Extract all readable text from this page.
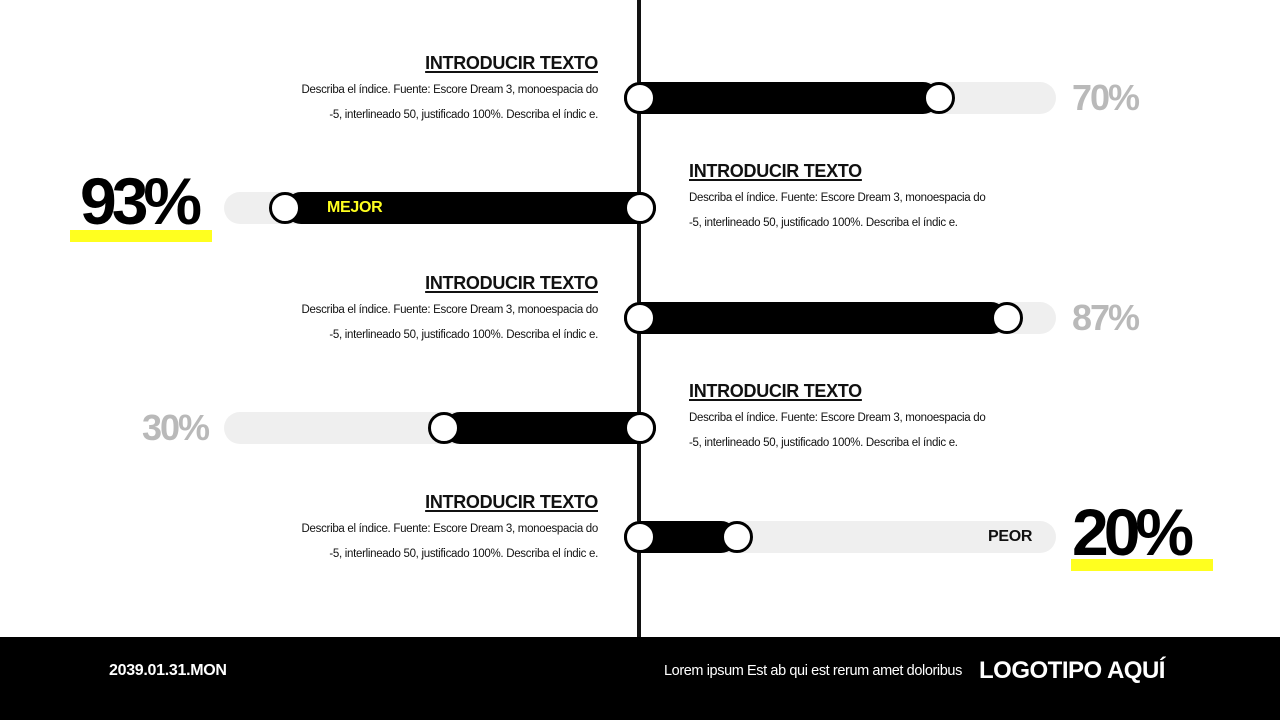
INTRODUCIR TEXTO
Describa el índice. Fuente: Escore Dream 3, monoespacia do -5, interlineado 50, justificado 100%. Describa el índic e.	70%
INTRODUCIR TEXTO
Describa el índice. Fuente: Escore Dream 3, monoespacia do -5, interlineado 50, justificado 100%. Describa el índic e.
93%	MEJOR
INTRODUCIR TEXTO
Describa el índice. Fuente: Escore Dream 3, monoespacia do -5, interlineado 50, justificado 100%. Describa el índic e.	87%
INTRODUCIR TEXTO
Describa el índice. Fuente: Escore Dream 3, monoespacia do -5, interlineado 50, justificado 100%. Describa el índic e.
30%
INTRODUCIR TEXTO
Describa el índice. Fuente: Escore Dream 3, monoespacia do -5, interlineado 50, justificado 100%. Describa el índic e.	20%
PEOR
2039.01.31.MON	Lorem ipsum Est ab qui est rerum amet doloribus LOGOTIPO AQUÍ
